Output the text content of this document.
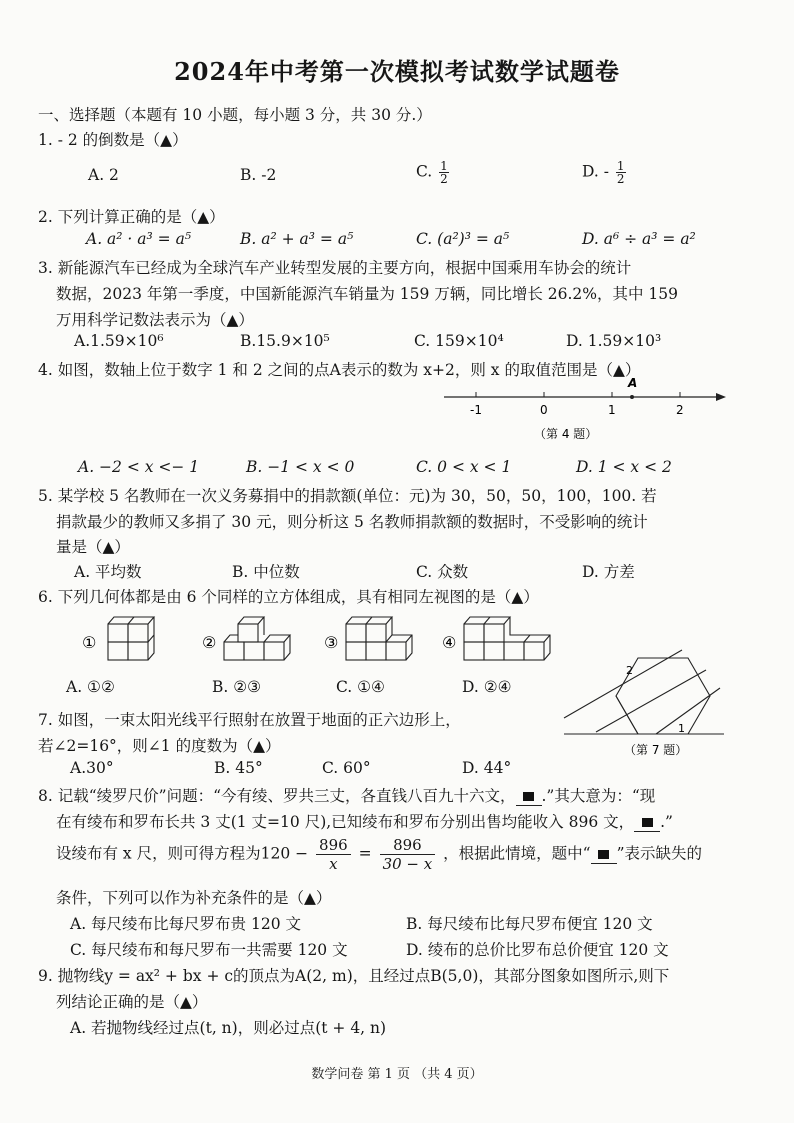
2024年中考第一次模拟考试数学试题卷
一、选择题（本题有 10 小题，每小题 3 分，共 30 分.）
1. - 2 的倒数是（▲）
A. 2	B. -2	C. $\frac{1}{2}$	D. - $\frac{1}{2}$
2. 下列计算正确的是（▲）
A. a² · a³ = a⁵	B. a² + a³ = a⁵	C. (a²)³ = a⁵	D. a⁶ ÷ a³ = a²
3. 新能源汽车已经成为全球汽车产业转型发展的主要方向，根据中国乘用车协会的统计
数据，2023 年第一季度，中国新能源汽车销量为 159 万辆，同比增长 26.2%，其中 159
万用科学记数法表示为（▲）
A.1.59×10⁶	B.15.9×10⁵	C. 159×10⁴	D. 1.59×10³
4. 如图，数轴上位于数字 1 和 2 之间的点A表示的数为 x+2，则 x 的取值范围是（▲）
-1	0	1	2
A
（第 4 题）
A. −2 < x <− 1	B. −1 < x < 0	C. 0 < x < 1	D. 1 < x < 2
5. 某学校 5 名教师在一次义务募捐中的捐款额(单位：元)为 30，50，50，100，100. 若
捐款最少的教师又多捐了 30 元，则分析这 5 名教师捐款额的数据时，不受影响的统计
量是（▲）
A. 平均数	B. 中位数	C. 众数	D. 方差
6. 下列几何体都是由 6 个同样的立方体组成，具有相同左视图的是（▲）
①	②	③	④
A. ①②	B. ②③	C. ①④	D. ②④
2
1
（第 7 题）
7. 如图，一束太阳光线平行照射在放置于地面的正六边形上，
若∠2=16°，则∠1 的度数为（▲）
A.30°	B. 45°	C. 60°	D. 44°
8. 记载“绫罗尺价”问题：“今有绫、罗共三丈，各直钱八百九十六文， .”其大意为：“现
在有绫布和罗布长共 3 丈(1 丈=10 尺),已知绫布和罗布分别出售均能收入 896 文， .”
设绫布有 x 尺，则可得方程为$120 - \frac{896}{x} = \frac{896}{30 - x}$ ，根据此情境，题中“ ”表示缺失的
条件，下列可以作为补充条件的是（▲）
A. 每尺绫布比每尺罗布贵 120 文	B. 每尺绫布比每尺罗布便宜 120 文
C. 每尺绫布和每尺罗布一共需要 120 文	D. 绫布的总价比罗布总价便宜 120 文
9. 抛物线y = ax² + bx + c的顶点为A(2, m)，且经过点B(5,0)，其部分图象如图所示,则下
列结论正确的是（▲）
A. 若抛物线经过点(t, n)，则必过点(t + 4, n)
数学问卷 第 1 页 （共 4 页）
